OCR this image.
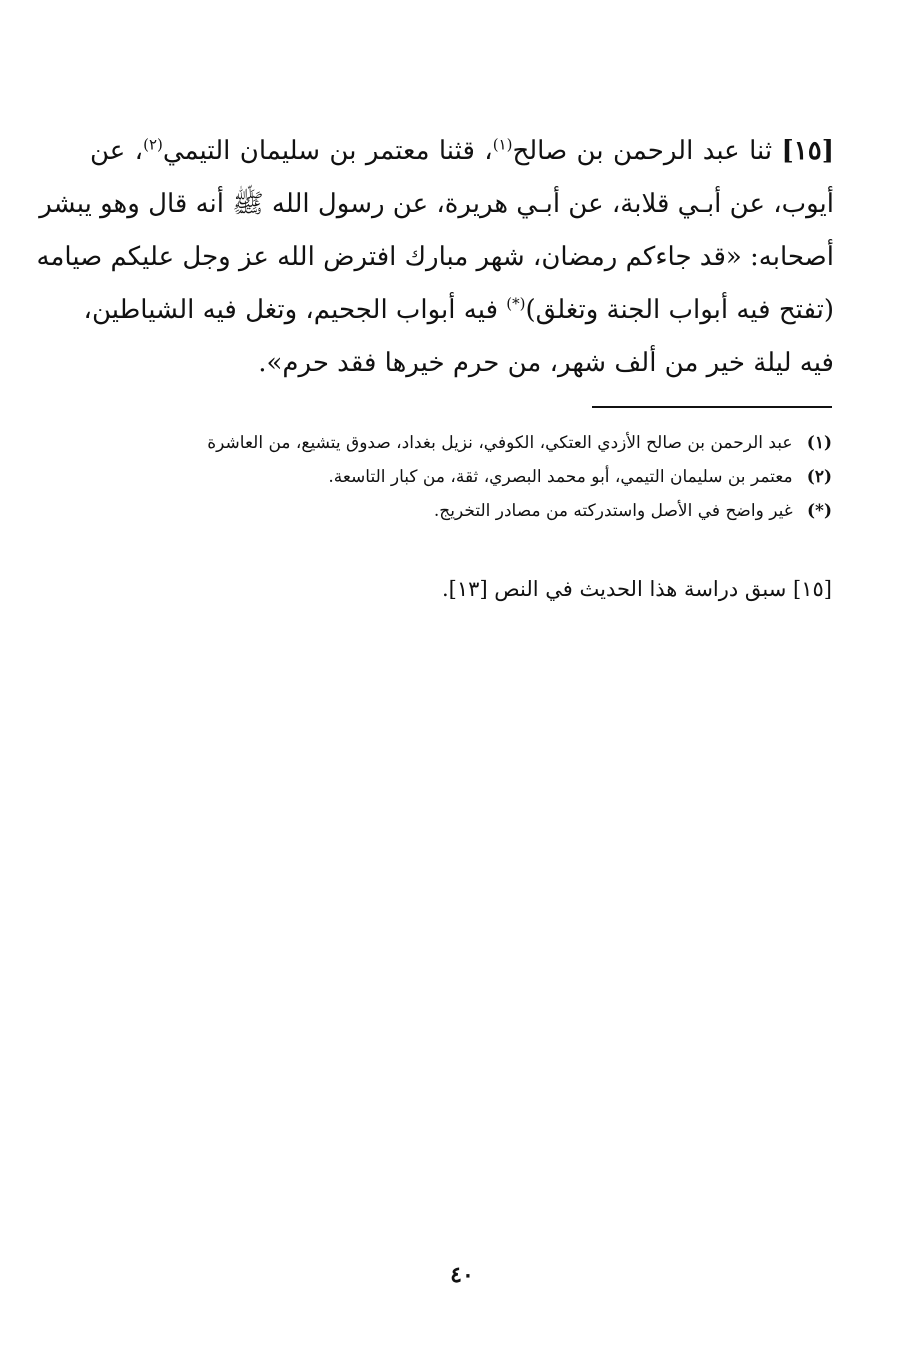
[١٥] ثنا عبد الرحمن بن صالح$^{(١)}$، قثنا معتمر بن سليمان التيمي$^{(٢)}$، عن
أيوب، عن أبـي قلابة، عن أبـي هريرة، عن رسول الله ﷺ أنه قال وهو يبشر
أصحابه: «قد جاءكم رمضان، شهر مبارك افترض الله عز وجل عليكم صيامه
(تفتح فيه أبواب الجنة وتغلق)(*) فيه أبواب الجحيم، وتغل فيه الشياطين،
فيه ليلة خير من ألف شهر، من حرم خيرها فقد حرم».

(١) عبد الرحمن بن صالح الأزدي العتكي، الكوفي، نزيل بغداد، صدوق يتشيع، من العاشرة
(٢) معتمر بن سليمان التيمي، أبو محمد البصري، ثقة، من كبار التاسعة.
(*) غير واضح في الأصل واستدركته من مصادر التخريج.
[١٥] سبق دراسة هذا الحديث في النص [١٣].
٤٠
